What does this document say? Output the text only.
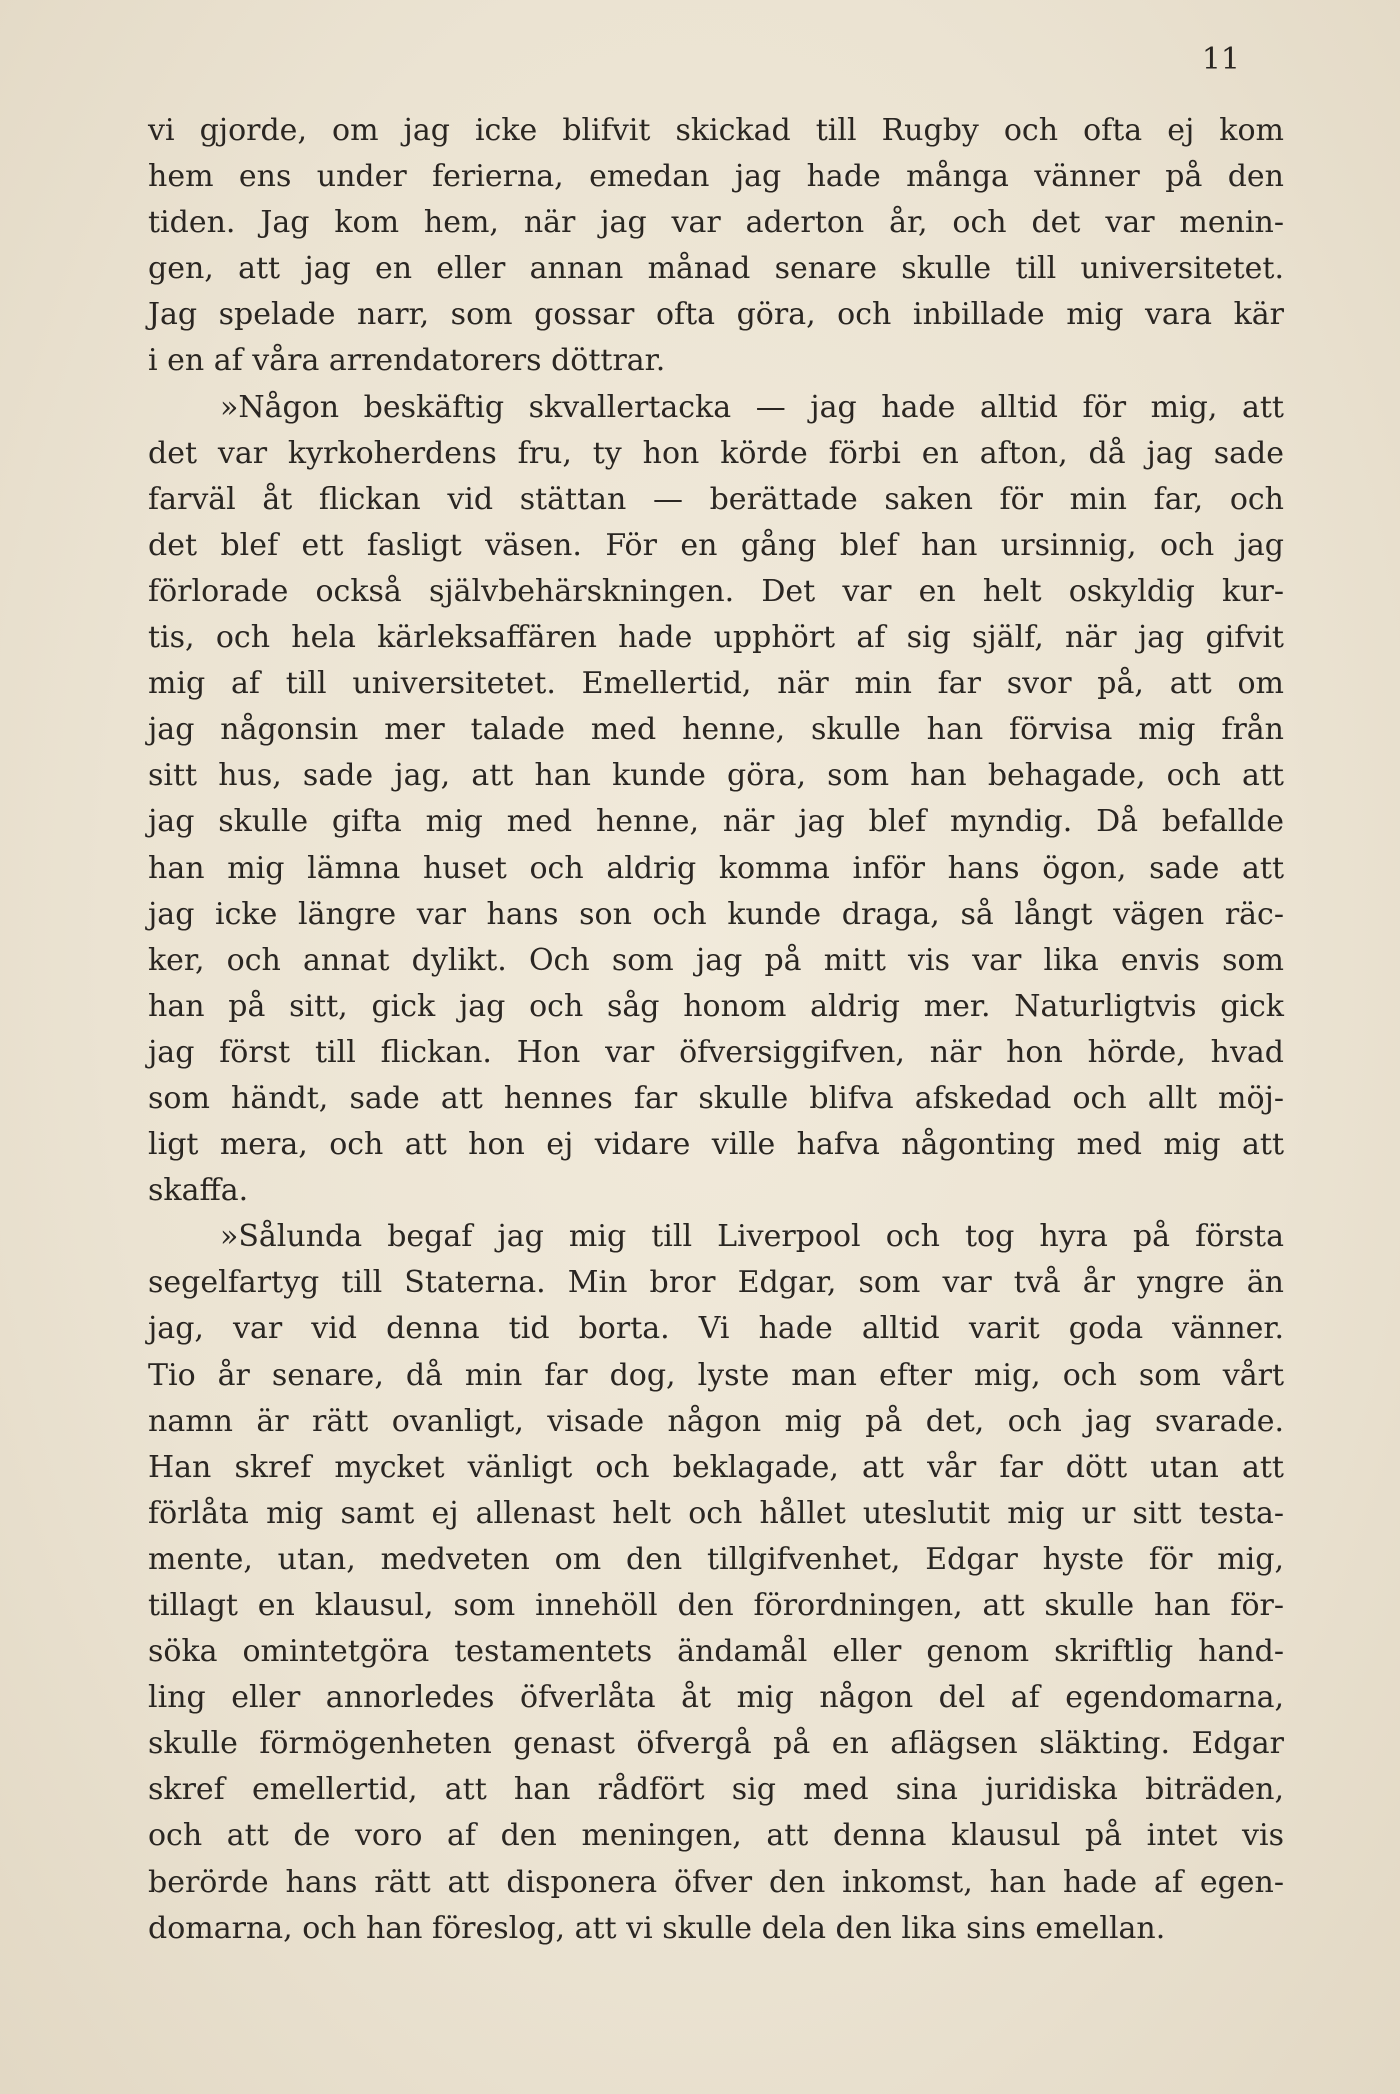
11
vi gjorde, om jag icke blifvit skickad till Rugby och ofta ej kom
hem ens under ferierna, emedan jag hade många vänner på den
tiden. Jag kom hem, när jag var aderton år, och det var menin-
gen, att jag en eller annan månad senare skulle till universitetet.
Jag spelade narr, som gossar ofta göra, och inbillade mig vara kär
i en af våra arrendatorers döttrar.
»Någon beskäftig skvallertacka — jag hade alltid för mig, att
det var kyrkoherdens fru, ty hon körde förbi en afton, då jag sade
farväl åt flickan vid stättan — berättade saken för min far, och
det blef ett fasligt väsen. För en gång blef han ursinnig, och jag
förlorade också självbehärskningen. Det var en helt oskyldig kur-
tis, och hela kärleksaffären hade upphört af sig själf, när jag gifvit
mig af till universitetet. Emellertid, när min far svor på, att om
jag någonsin mer talade med henne, skulle han förvisa mig från
sitt hus, sade jag, att han kunde göra, som han behagade, och att
jag skulle gifta mig med henne, när jag blef myndig. Då befallde
han mig lämna huset och aldrig komma inför hans ögon, sade att
jag icke längre var hans son och kunde draga, så långt vägen räc-
ker, och annat dylikt. Och som jag på mitt vis var lika envis som
han på sitt, gick jag och såg honom aldrig mer. Naturligtvis gick
jag först till flickan. Hon var öfversiggifven, när hon hörde, hvad
som händt, sade att hennes far skulle blifva afskedad och allt möj-
ligt mera, och att hon ej vidare ville hafva någonting med mig att
skaffa.
»Sålunda begaf jag mig till Liverpool och tog hyra på första
segelfartyg till Staterna. Min bror Edgar, som var två år yngre än
jag, var vid denna tid borta. Vi hade alltid varit goda vänner.
Tio år senare, då min far dog, lyste man efter mig, och som vårt
namn är rätt ovanligt, visade någon mig på det, och jag svarade.
Han skref mycket vänligt och beklagade, att vår far dött utan att
förlåta mig samt ej allenast helt och hållet uteslutit mig ur sitt testa-
mente, utan, medveten om den tillgifvenhet, Edgar hyste för mig,
tillagt en klausul, som innehöll den förordningen, att skulle han för-
söka omintetgöra testamentets ändamål eller genom skriftlig hand-
ling eller annorledes öfverlåta åt mig någon del af egendomarna,
skulle förmögenheten genast öfvergå på en aflägsen släkting. Edgar
skref emellertid, att han rådfört sig med sina juridiska biträden,
och att de voro af den meningen, att denna klausul på intet vis
berörde hans rätt att disponera öfver den inkomst, han hade af egen-
domarna, och han föreslog, att vi skulle dela den lika sins emellan.
